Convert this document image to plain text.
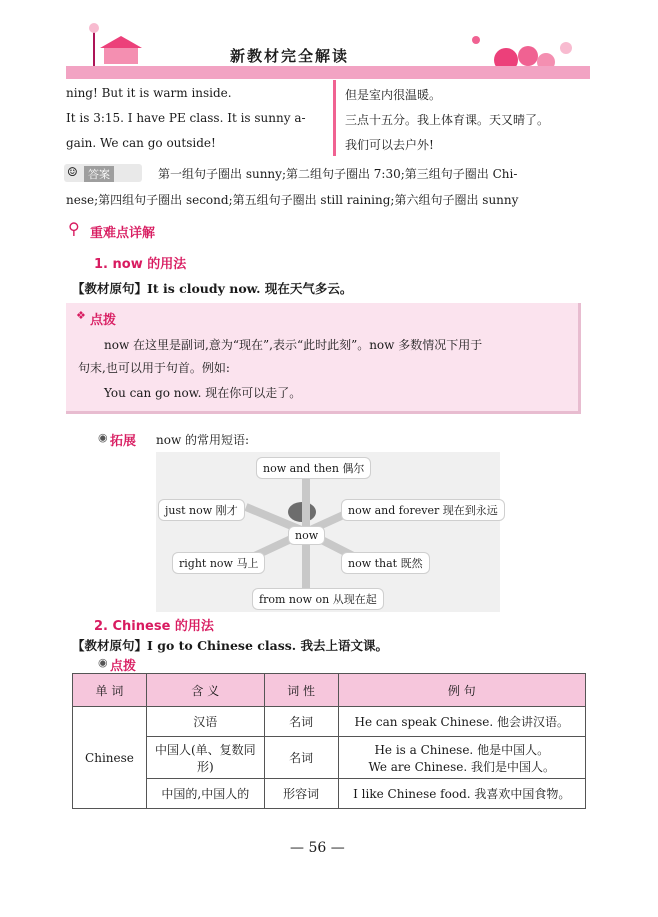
新教材完全解读
ning! But it is warm inside.
It is 3:15. I have PE class. It is sunny a-
gain. We can go outside!
但是室内很温暖。
三点十五分。我上体育课。天又晴了。
我们可以去户外!
☺ 答案	第一组句子圈出 sunny;第二组句子圈出 7:30;第三组句子圈出 Chi-
nese;第四组句子圈出 second;第五组句子圈出 still raining;第六组句子圈出 sunny
⚲ 重难点详解
1. now 的用法
【教材原句】It is cloudy now. 现在天气多云。
❖ 点拨
now 在这里是副词,意为“现在”,表示“此时此刻”。now 多数情况下用于
句末,也可以用于句首。例如:
You can go now. 现在你可以走了。
◉ 拓展 now 的常用短语:
now and then 偶尔
just now 刚才	now and forever 现在到永远
now
right now 马上	now that 既然
from now on 从现在起
2. Chinese 的用法
【教材原句】I go to Chinese class. 我去上语文课。
◉ 点拨
单 词	含 义	词 性	例 句
Chinese	汉语	名词	He can speak Chinese. 他会讲汉语。
	中国人(单、复数同形)	名词	He is a Chinese. 他是中国人。
We are Chinese. 我们是中国人。

	中国的,中国人的	形容词	I like Chinese food. 我喜欢中国食物。
— 56 —
